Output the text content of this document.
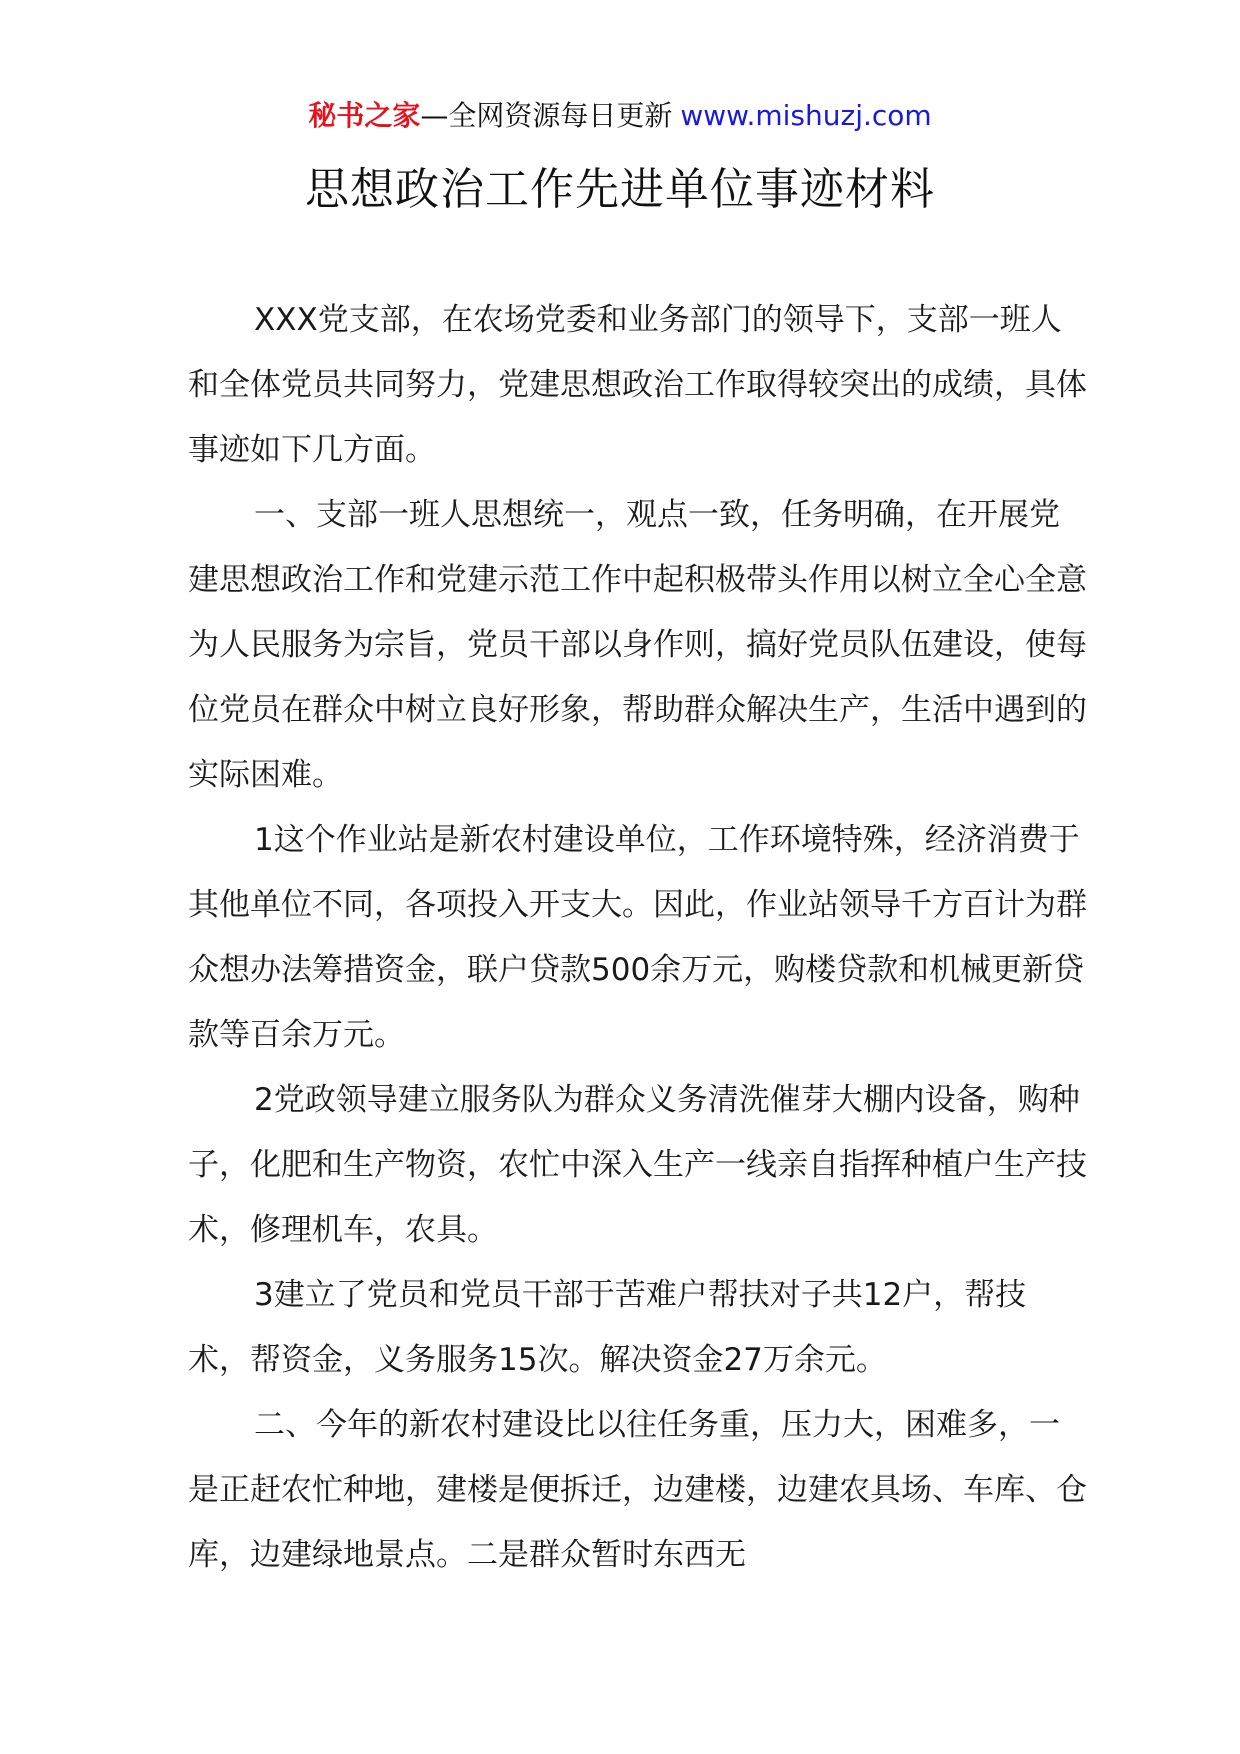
秘书之家—全网资源每日更新 www.mishuzj.com
思想政治工作先进单位事迹材料

XXX党支部，在农场党委和业务部门的领导下，支部一班人和全体党员共同努力，党建思想政治工作取得较突出的成绩，具体事迹如下几方面。

一、支部一班人思想统一，观点一致，任务明确，在开展党建思想政治工作和党建示范工作中起积极带头作用以树立全心全意为人民服务为宗旨，党员干部以身作则，搞好党员队伍建设，使每位党员在群众中树立良好形象，帮助群众解决生产，生活中遇到的实际困难。

1这个作业站是新农村建设单位，工作环境特殊，经济消费于其他单位不同，各项投入开支大。因此，作业站领导千方百计为群众想办法筹措资金，联户贷款500余万元，购楼贷款和机械更新贷款等百余万元。

2党政领导建立服务队为群众义务清洗催芽大棚内设备，购种子，化肥和生产物资，农忙中深入生产一线亲自指挥种植户生产技术，修理机车，农具。

3建立了党员和党员干部于苦难户帮扶对子共12户，帮技术，帮资金，义务服务15次。解决资金27万余元。

二、今年的新农村建设比以往任务重，压力大，困难多，一是正赶农忙种地，建楼是便拆迁，边建楼，边建农具场、车库、仓库，边建绿地景点。二是群众暂时东西无
